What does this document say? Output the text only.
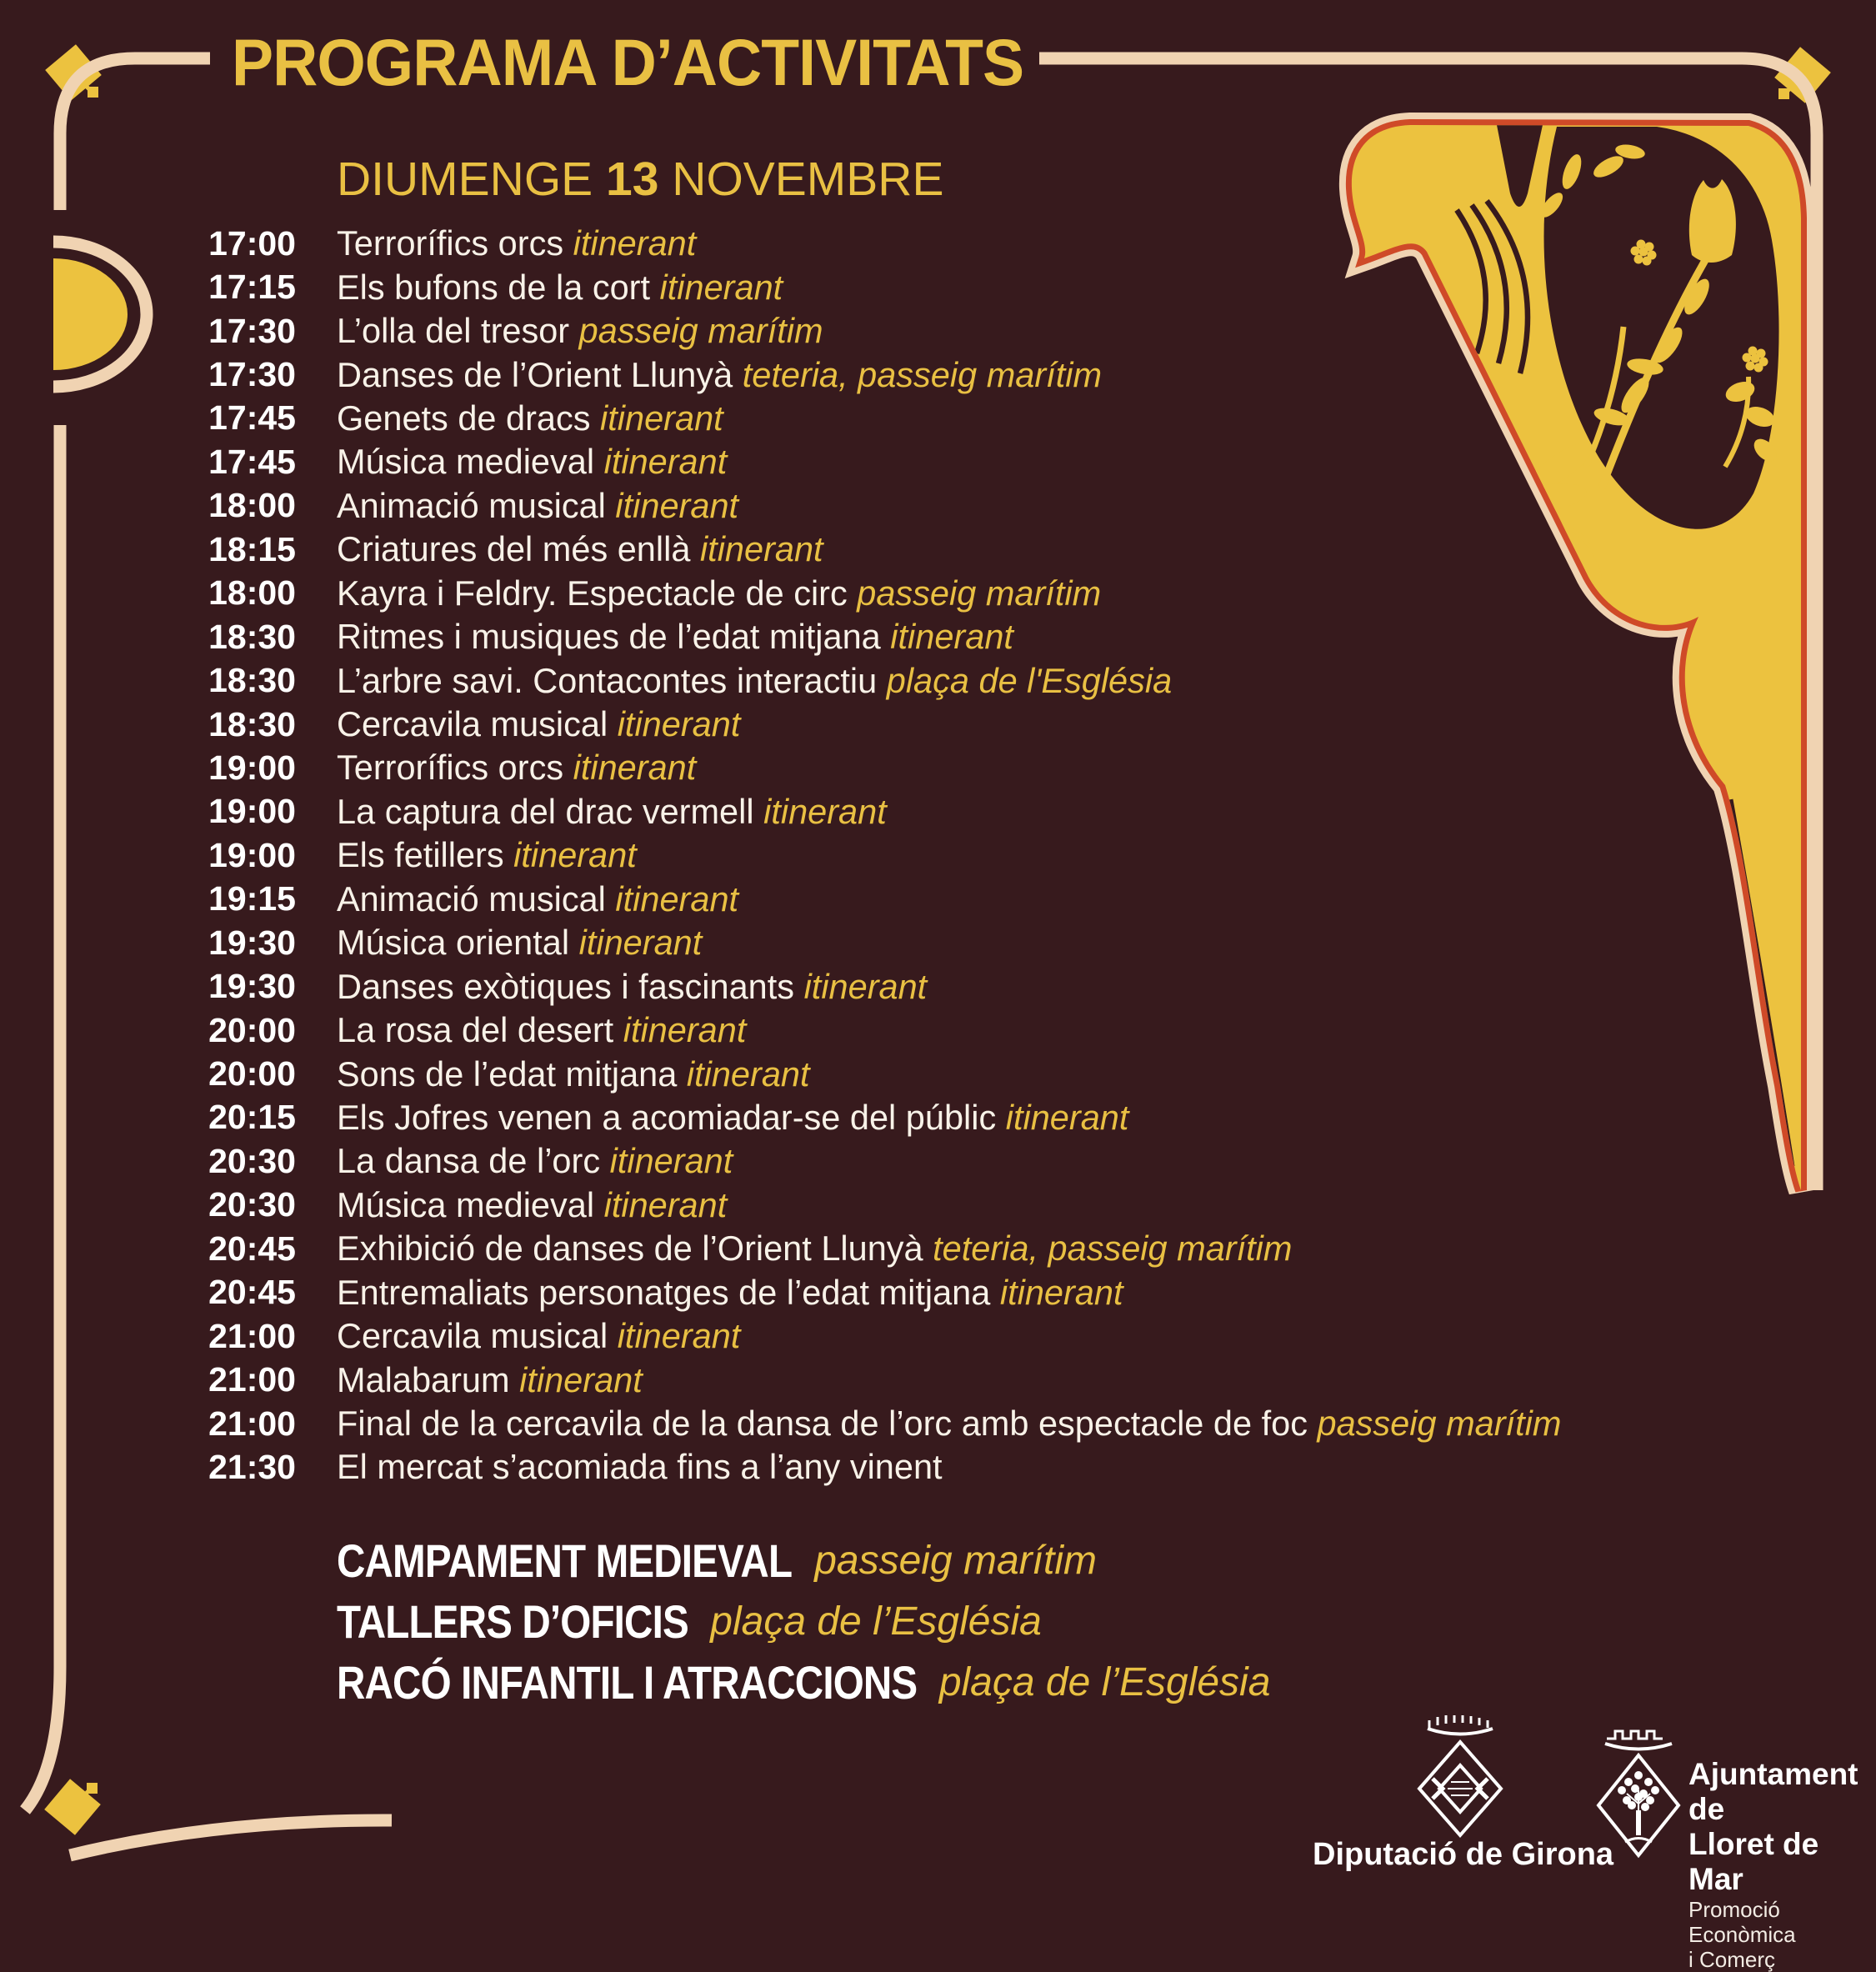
PROGRAMA D’ACTIVITATS
DIUMENGE 13 NOVEMBRE
17:00 Terrorífics orcs itinerant
17:15 Els bufons de la cort itinerant
17:30 L’olla del tresor passeig marítim
17:30 Danses de l’Orient Llunyà teteria, passeig marítim
17:45 Genets de dracs itinerant
17:45 Música medieval itinerant
18:00 Animació musical itinerant
18:15 Criatures del més enllà itinerant
18:00 Kayra i Feldry. Espectacle de circ passeig marítim
18:30 Ritmes i musiques de l’edat mitjana itinerant
18:30 L’arbre savi. Contacontes interactiu plaça de l'Església
18:30 Cercavila musical itinerant
19:00 Terrorífics orcs itinerant
19:00 La captura del drac vermell itinerant
19:00 Els fetillers itinerant
19:15 Animació musical itinerant
19:30 Música oriental itinerant
19:30 Danses exòtiques i fascinants itinerant
20:00 La rosa del desert itinerant
20:00 Sons de l’edat mitjana itinerant
20:15 Els Jofres venen a acomiadar-se del públic itinerant
20:30 La dansa de l’orc itinerant
20:30 Música medieval itinerant
20:45 Exhibició de danses de l’Orient Llunyà teteria, passeig marítim
20:45 Entremaliats personatges de l’edat mitjana itinerant
21:00 Cercavila musical itinerant
21:00 Malabarum itinerant
21:00 Final de la cercavila de la dansa de l’orc amb espectacle de foc passeig marítim
21:30 El mercat s’acomiada fins a l’any vinent
CAMPAMENT MEDIEVAL passeig marítim
TALLERS D’OFICIS plaça de l’Església
RACÓ INFANTIL I ATRACCIONS plaça de l’Església
Diputació de Girona
Ajuntament de
Lloret de Mar
Promoció Econòmica
i Comerç
